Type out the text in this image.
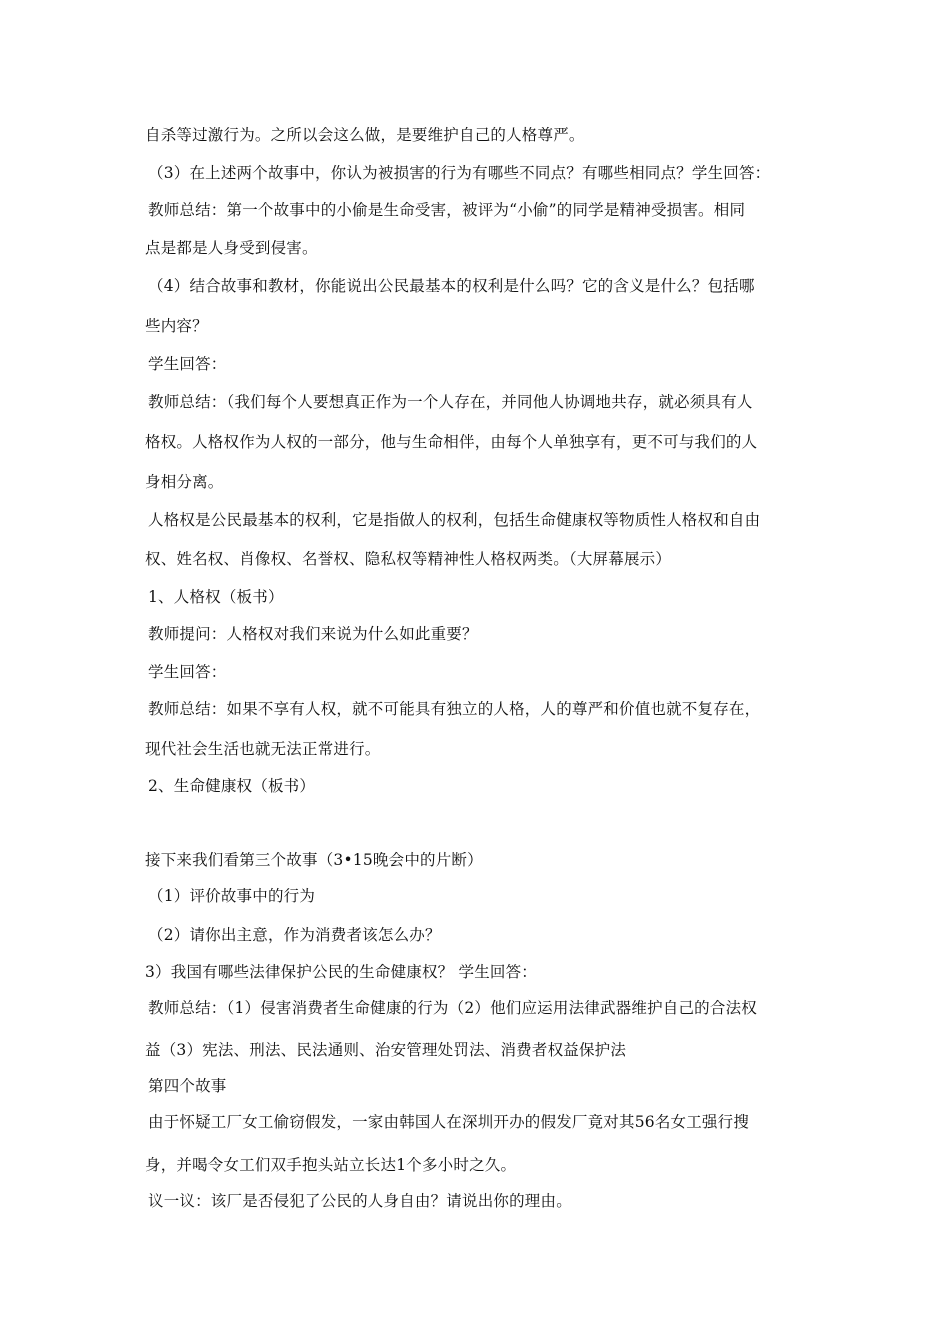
自杀等过激行为。之所以会这么做，是要维护自己的人格尊严。
（3）在上述两个故事中，你认为被损害的行为有哪些不同点？有哪些相同点？学生回答：
教师总结：第一个故事中的小偷是生命受害，被评为“小偷”的同学是精神受损害。相同
点是都是人身受到侵害。
（4）结合故事和教材，你能说出公民最基本的权利是什么吗？它的含义是什么？包括哪
些内容？
学生回答：
教师总结：（我们每个人要想真正作为一个人存在，并同他人协调地共存，就必须具有人
格权。人格权作为人权的一部分，他与生命相伴，由每个人单独享有，更不可与我们的人
身相分离。
人格权是公民最基本的权利，它是指做人的权利，包括生命健康权等物质性人格权和自由
权、姓名权、肖像权、名誉权、隐私权等精神性人格权两类。（大屏幕展示）
1、人格权（板书）
教师提问：人格权对我们来说为什么如此重要？
学生回答：
教师总结：如果不享有人权，就不可能具有独立的人格，人的尊严和价值也就不复存在，
现代社会生活也就无法正常进行。
2、生命健康权（板书）
接下来我们看第三个故事（3•15晚会中的片断）
（1）评价故事中的行为
（2）请你出主意，作为消费者该怎么办？
3）我国有哪些法律保护公民的生命健康权？ 学生回答：
教师总结：（1）侵害消费者生命健康的行为（2）他们应运用法律武器维护自己的合法权
益（3）宪法、刑法、民法通则、治安管理处罚法、消费者权益保护法
第四个故事
由于怀疑工厂女工偷窃假发，一家由韩国人在深圳开办的假发厂竟对其56名女工强行搜
身，并喝令女工们双手抱头站立长达1个多小时之久。
议一议：该厂是否侵犯了公民的人身自由？请说出你的理由。
